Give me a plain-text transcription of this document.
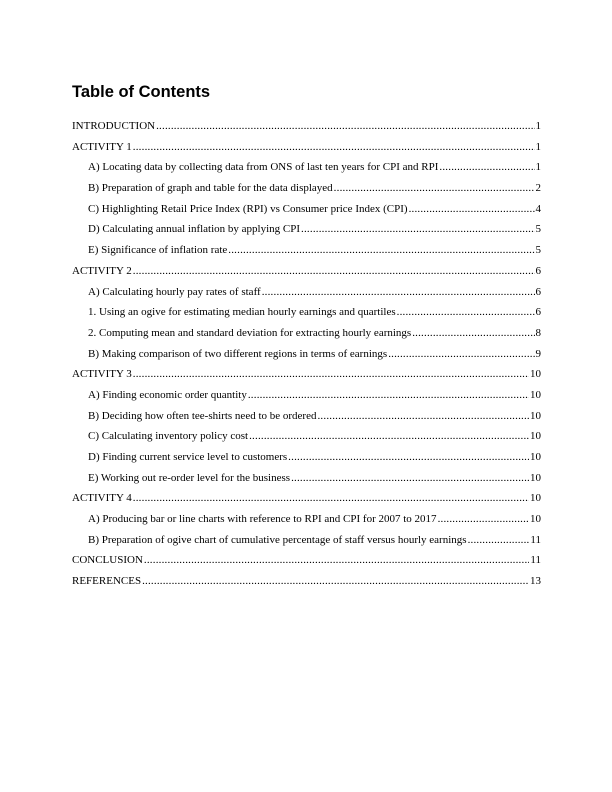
Table of Contents
INTRODUCTION .....	1
ACTIVITY 1 .....	1
A) Locating data by collecting data from ONS of last ten years for CPI and RPI .....	1
B) Preparation of graph and table for the data displayed .....	2
C) Highlighting Retail Price Index (RPI) vs Consumer price Index (CPI) .....	4
D) Calculating annual inflation by applying CPI .....	5
E) Significance of inflation rate .....	5
ACTIVITY 2 .....	6
A) Calculating hourly pay rates of staff .....	6
1. Using an ogive for estimating median hourly earnings and quartiles .....	6
2. Computing mean and standard deviation for extracting hourly earnings .....	8
B) Making comparison of two different regions in terms of earnings .....	9
ACTIVITY 3 .....	10
A) Finding economic order quantity .....	10
B) Deciding how often tee-shirts need to be ordered .....	10
C) Calculating inventory policy cost .....	10
D) Finding current service level to customers .....	10
E) Working out re-order level for the business .....	10
ACTIVITY 4 .....	10
A) Producing bar or line charts with reference to RPI and CPI for 2007 to 2017 .....	10
B) Preparation of ogive chart of cumulative percentage of staff versus hourly earnings .....	11
CONCLUSION .....	11
REFERENCES .....	13
